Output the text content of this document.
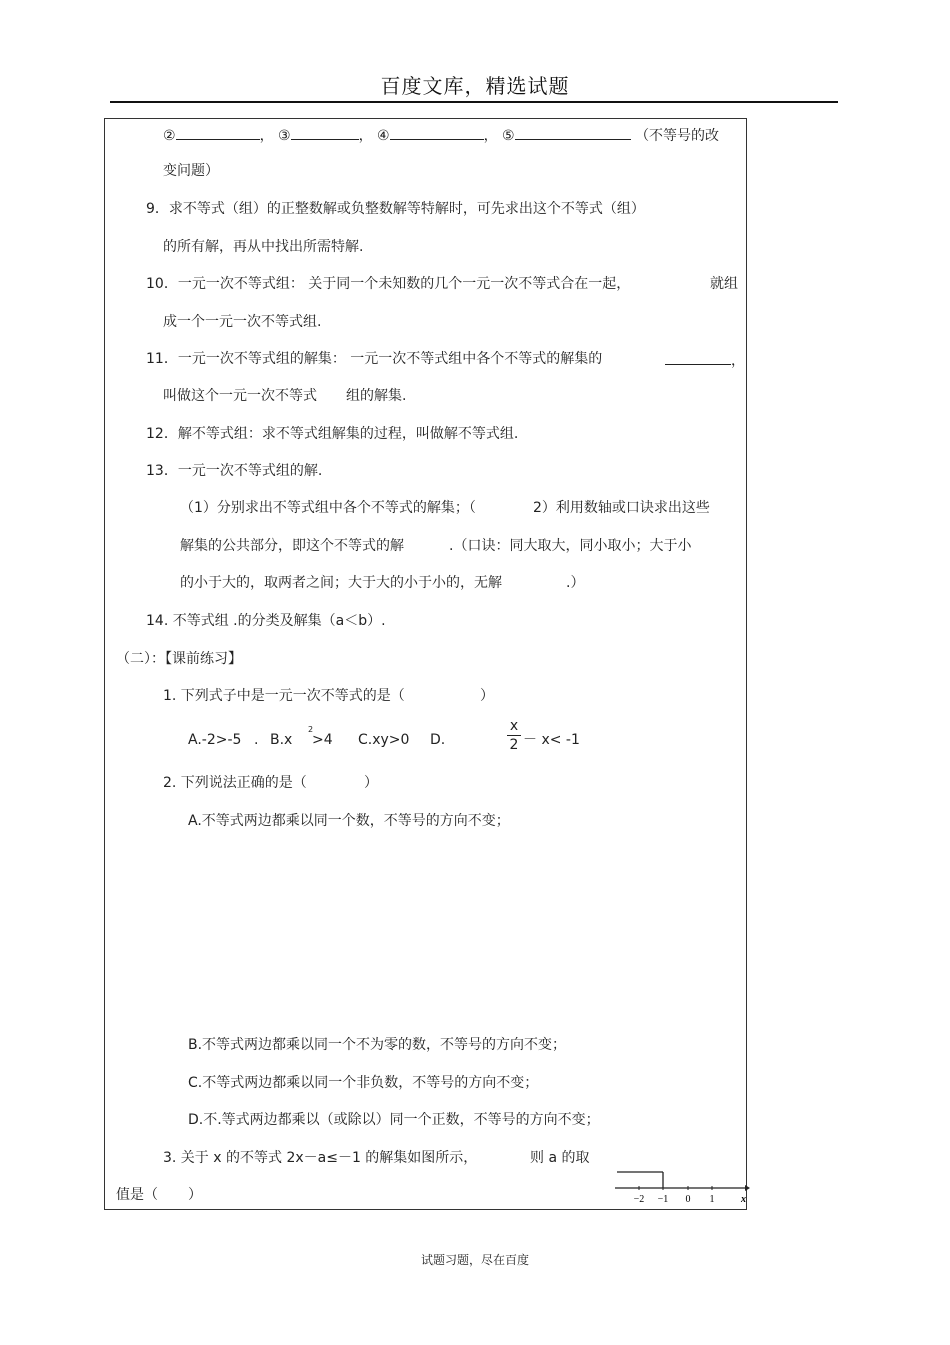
百度文库，精选试题
②	， ③	， ④	， ⑤	（不等号的改
变问题）
9．求不等式（组）的正整数解或负整数解等特解时，可先求出这个不等式（组）
的所有解，再从中找出所需特解.
10．一元一次不等式组： 关于同一个未知数的几个一元一次不等式合在一起，	就组
成一个一元一次不等式组.
11．一元一次不等式组的解集： 一元一次不等式组中各个不等式的解集的	，
叫做这个一元一次不等式 组的解集.
12．解不等式组：求不等式组解集的过程，叫做解不等式组.
13．一元一次不等式组的解.
（1）分别求出不等式组中各个不等式的解集；（	2）利用数轴或口诀求出这些
解集的公共部分，即这个不等式的解	.（口诀：同大取大，同小取小；大于小
的小于大的，取两者之间；大于大的小于小的，无解	.）
14. 不等式组 .的分类及解集（a＜b）.
（二）：【课前练习】
1. 下列式子中是一元一次不等式的是（	）
A.-2>-5 . B.x
2
>4 C.xy>0 D.
x
2 － x< -1
2. 下列说法正确的是（	）
A.不等式两边都乘以同一个数，不等号的方向不变；
B.不等式两边都乘以同一个不为零的数，不等号的方向不变；
C.不等式两边都乘以同一个非负数，不等号的方向不变；
D.不.等式两边都乘以（或除以）同一个正数，不等号的方向不变；
3. 关于 x 的不等式 2x－a≤－1 的解集如图所示，	则 a 的取
值是（ ）	−2 −1 0 1	x
试题习题，尽在百度
